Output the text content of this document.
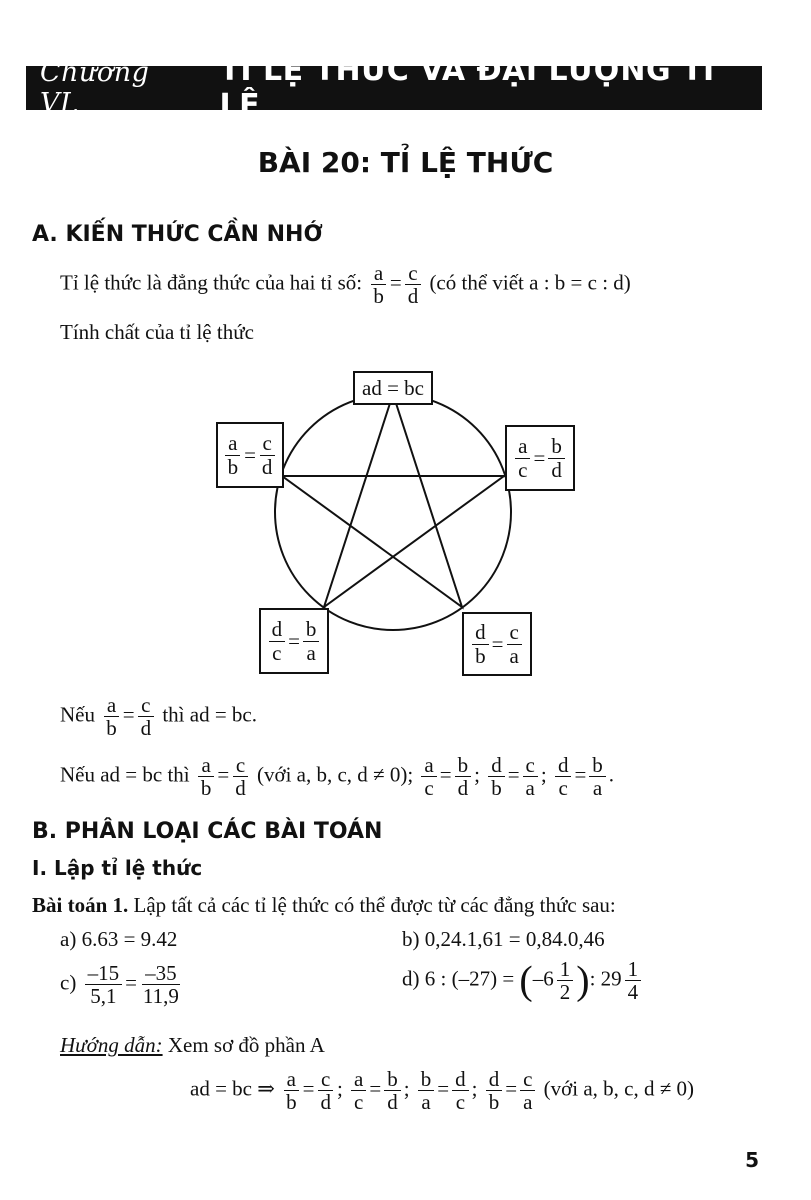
Chương VI.
TỈ LỆ THỨC VÀ ĐẠI LƯỢNG TỈ LỆ
BÀI 20: TỈ LỆ THỨC
A. KIẾN THỨC CẦN NHỚ
Tỉ lệ thức là đẳng thức của hai tỉ số: $\frac{a}{b} = \frac{c}{d}$ (có thể viết a : b = c : d)
Tính chất của tỉ lệ thức
ad = bc
a
b = c
d
a
c = b
d
d
c = b
a
d
b = c
a
Nếu $\frac{a}{b} = \frac{c}{d}$ thì ad = bc.
Nếu ad = bc thì $\frac{a}{b} = \frac{c}{d}$ (với a, b, c, d ≠ 0); $\frac{a}{c} = \frac{b}{d}$ ; $\frac{d}{b} = \frac{c}{a}$ ; $\frac{d}{c} = \frac{b}{a}$ .
B. PHÂN LOẠI CÁC BÀI TOÁN
I. Lập tỉ lệ thức
Bài toán 1. Lập tất cả các tỉ lệ thức có thể được từ các đẳng thức sau:
a) 6.63 = 9.42	b) 0,24.1,61 = 0,84.0,46
$c) \frac{-15}{5,1} = \frac{-35}{11,9}$	d) 6 : $(-27) = (-6 \frac{1}{2}$ ): $29 \frac{1}{4}$
Hướng dẫn: Xem sơ đồ phần A
ad = bc ⇒ $\frac{a}{b} = \frac{c}{d}$ ; $\frac{a}{c} = \frac{b}{d}$ ; $\frac{b}{a} = \frac{d}{c}$ ; $\frac{d}{b} = \frac{c}{a}$ (với a, b, c, d ≠ 0)
5
